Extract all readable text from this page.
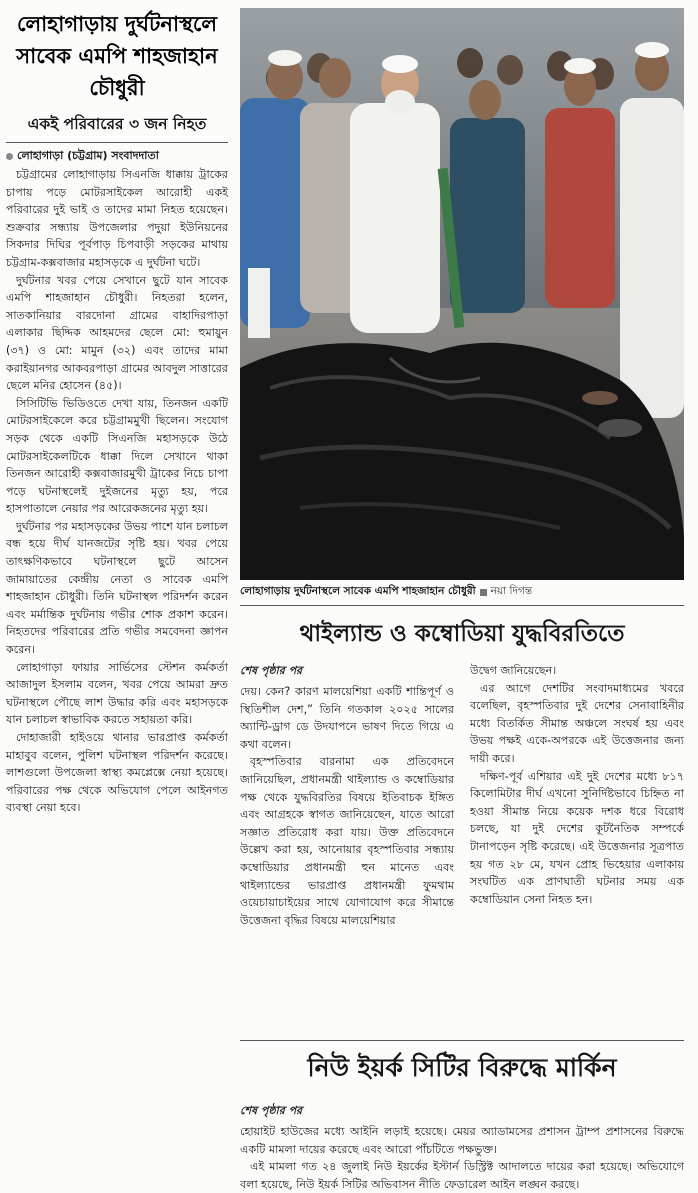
লোহাগাড়ায় দুর্ঘটনাস্থলে সাবেক এমপি শাহজাহান চৌধুরী
একই পরিবারের ৩ জন নিহত
লোহাগাড়া (চট্টগ্রাম) সংবাদদাতা

চট্টগ্রামের লোহাগাড়ায় সিএনজি ধাক্কায় ট্রাকের চাপায় পড়ে মোটরসাইকেল আরোহী একই পরিবারের দুই ভাই ও তাদের মামা নিহত হয়েছেন। শুক্রবার সন্ধ্যায় উপজেলার পদুয়া ইউনিয়নের সিকদার দিঘির পূর্বপাড় চিপবাড়ী সড়কের মাথায় চট্টগ্রাম-কক্সবাজার মহাসড়কে এ দুর্ঘটনা ঘটে।

দুর্ঘটনার খবর পেয়ে সেখানে ছুটে যান সাবেক এমপি শাহজাহান চৌধুরী। নিহতরা হলেন, সাতকানিয়ার বারদোনা গ্রামের বাহাদিরপাড়া এলাকার ছিদ্দিক আহমদের ছেলে মো: হুমায়ুন (৩৭) ও মো: মামুন (৩২) এবং তাদের মামা করাইয়ানগর আকবরপাড়া গ্রামের আবদুল সাত্তারের ছেলে মনির হোসেন (৪৫)।

সিসিটিভি ভিডিওতে দেখা যায়, তিনজন একটি মোটরসাইকেলে করে চট্টগ্রামমুখী ছিলেন। সংযোগ সড়ক থেকে একটি সিএনজি মহাসড়কে উঠে মোটরসাইকেলটিকে ধাক্কা দিলে সেখানে থাকা তিনজন আরোহী কক্সবাজারমুখী ট্রাকের নিচে চাপা পড়ে ঘটনাস্থলেই দুইজনের মৃত্যু হয়, পরে হাসপাতালে নেয়ার পর আরেকজনের মৃত্যু হয়।

দুর্ঘটনার পর মহাসড়কের উভয় পাশে যান চলাচল বন্ধ হয়ে দীর্ঘ যানজটের সৃষ্টি হয়। খবর পেয়ে তাৎক্ষণিকভাবে ঘটনাস্থলে ছুটে আসেন জামায়াতের কেন্দ্রীয় নেতা ও সাবেক এমপি শাহজাহান চৌধুরী। তিনি ঘটনাস্থল পরিদর্শন করেন এবং মর্মান্তিক দুর্ঘটনায় গভীর শোক প্রকাশ করেন। নিহতদের পরিবারের প্রতি গভীর সমবেদনা জ্ঞাপন করেন।

লোহাগাড়া ফায়ার সার্ভিসের স্টেশন কর্মকর্তা আজাদুল ইসলাম বলেন, খবর পেয়ে আমরা দ্রুত ঘটনাস্থলে পৌছে লাশ উদ্ধার করি এবং মহাসড়কে যান চলাচল স্বাভাবিক করতে সহায়তা করি।

দোহাজারী হাইওয়ে থানার ভারপ্রাপ্ত কর্মকর্তা মাহাবুব বলেন, পুলিশ ঘটনাস্থল পরিদর্শন করেছে। লাশগুলো উপজেলা স্বাস্থ্য কমপ্লেক্সে নেয়া হয়েছে। পরিবারের পক্ষ থেকে অভিযোগ পেলে আইনগত ব্যবস্থা নেয়া হবে।

লোহাগাড়ায় দুর্ঘটনাস্থলে সাবেক এমপি শাহজাহান চৌধুরী নয়া দিগন্ত
থাইল্যান্ড ও কম্বোডিয়া যুদ্ধবিরতিতে
শেষ পৃষ্ঠার পর

দেয়। কেন? কারণ মালয়েশিয়া একটি শান্তিপূর্ণ ও স্থিতিশীল দেশ,” তিনি গতকাল ২০২৫ সালের অ্যান্টি-ড্রাগ ডে উদযাপনে ভাষণ দিতে গিয়ে এ কথা বলেন।

বৃহস্পতিবার বারনামা এক প্রতিবেদনে জানিয়েছিল, প্রধানমন্ত্রী থাইল্যান্ড ও কম্বোডিয়ার পক্ষ থেকে যুদ্ধবিরতির বিষয়ে ইতিবাচক ইঙ্গিত এবং আগ্রহকে স্বাগত জানিয়েছেন, যাতে আরো সজ্ঞাত প্রতিরোধ করা যায়। উক্ত প্রতিবেদনে উল্লেখ করা হয়, আনোয়ার বৃহস্পতিবার সন্ধ্যায় কম্বোডিয়ার প্রধানমন্ত্রী হুন মানেত এবং থাইল্যান্ডের ভারপ্রাপ্ত প্রধানমন্ত্রী ফুমথাম ওয়েচায়াচাইয়ের সাথে যোগাযোগ করে সীমান্তে উত্তেজনা বৃদ্ধির বিষয়ে মালয়েশিয়ার

উদ্বেগ জানিয়েছেন।

এর আগে দেশটির সংবাদমাধ্যমের খবরে বলেছিল, বৃহস্পতিবার দুই দেশের সেনাবাহিনীর মধ্যে বিতর্কিত সীমান্ত অঞ্চলে সংঘর্ষ হয় এবং উভয় পক্ষই একে-অপরকে এই উত্তেজনার জন্য দায়ী করে।

দক্ষিণ-পূর্ব এশিয়ার এই দুই দেশের মধ্যে ৮১৭ কিলোমিটার দীর্ঘ এখনো সুনির্দিষ্টভাবে চিহ্নিত না হওয়া সীমান্ত নিয়ে কয়েক দশক ধরে বিরোধ চলছে, যা দুই দেশের কূটনৈতিক সম্পর্কে টানাপড়েন সৃষ্টি করেছে। এই উত্তেজনার সূত্রপাত হয় গত ২৮ মে, যখন প্রোহ ভিহেয়ার এলাকায় সংঘটিত এক প্রাণঘাতী ঘটনার সময় এক কম্বোডিয়ান সেনা নিহত হন।

নিউ ইয়র্ক সিটির বিরুদ্ধে মার্কিন
শেষ পৃষ্ঠার পর

হোয়াইট হাউজের মধ্যে আইনি লড়াই হয়েছে। মেয়র অ্যাডামসের প্রশাসন ট্রাম্প প্রশাসনের বিরুদ্ধে একটি মামলা দায়ের করেছে এবং আরো পাঁচটিতে পক্ষভুক্ত।

এই মামলা গত ২৪ জুলাই নিউ ইয়র্কের ইস্টার্ন ডিস্ট্রিক্ট আদালতে দায়ের করা হয়েছে। অভিযোগে বলা হয়েছে, নিউ ইয়র্ক সিটির অভিবাসন নীতি ফেডারেল আইন লঙ্ঘন করছে।
